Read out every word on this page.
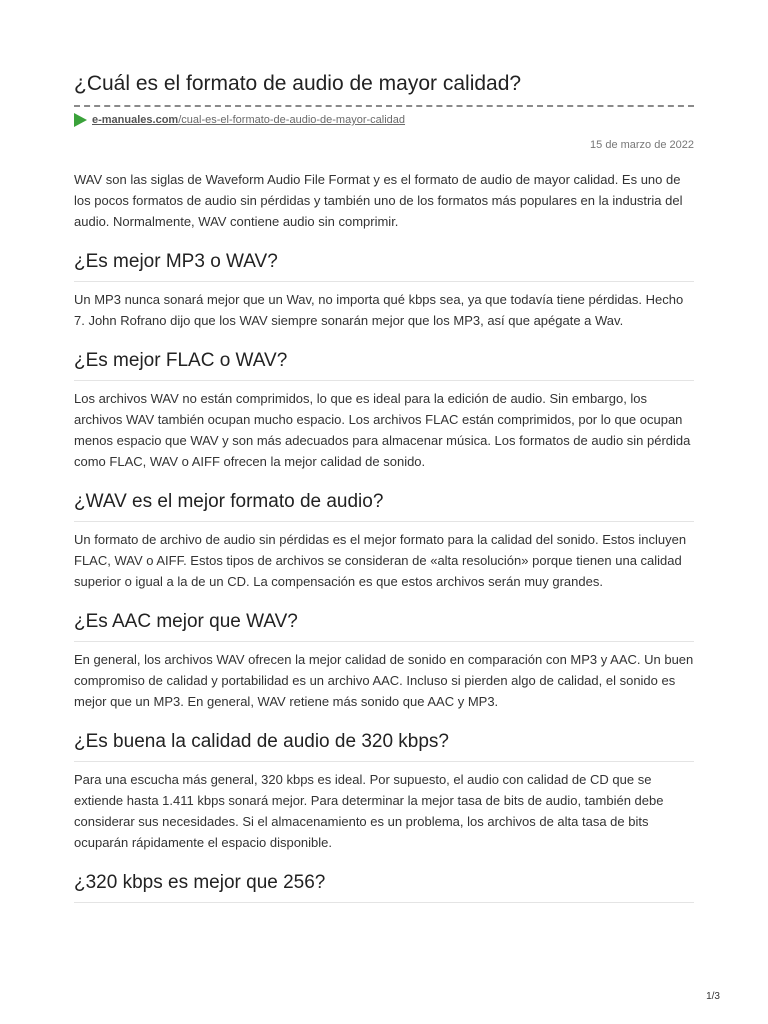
¿Cuál es el formato de audio de mayor calidad?
e-manuales.com /cual-es-el-formato-de-audio-de-mayor-calidad
15 de marzo de 2022

WAV son las siglas de Waveform Audio File Format y es el formato de audio de mayor calidad. Es uno de los pocos formatos de audio sin pérdidas y también uno de los formatos más populares en la industria del audio. Normalmente, WAV contiene audio sin comprimir.

¿Es mejor MP3 o WAV?

Un MP3 nunca sonará mejor que un Wav, no importa qué kbps sea, ya que todavía tiene pérdidas. Hecho 7. John Rofrano dijo que los WAV siempre sonarán mejor que los MP3, así que apégate a Wav.

¿Es mejor FLAC o WAV?

Los archivos WAV no están comprimidos, lo que es ideal para la edición de audio. Sin embargo, los archivos WAV también ocupan mucho espacio. Los archivos FLAC están comprimidos, por lo que ocupan menos espacio que WAV y son más adecuados para almacenar música. Los formatos de audio sin pérdida como FLAC, WAV o AIFF ofrecen la mejor calidad de sonido.

¿WAV es el mejor formato de audio?

Un formato de archivo de audio sin pérdidas es el mejor formato para la calidad del sonido. Estos incluyen FLAC, WAV o AIFF. Estos tipos de archivos se consideran de «alta resolución» porque tienen una calidad superior o igual a la de un CD. La compensación es que estos archivos serán muy grandes.

¿Es AAC mejor que WAV?

En general, los archivos WAV ofrecen la mejor calidad de sonido en comparación con MP3 y AAC. Un buen compromiso de calidad y portabilidad es un archivo AAC. Incluso si pierden algo de calidad, el sonido es mejor que un MP3. En general, WAV retiene más sonido que AAC y MP3.

¿Es buena la calidad de audio de 320 kbps?

Para una escucha más general, 320 kbps es ideal. Por supuesto, el audio con calidad de CD que se extiende hasta 1.411 kbps sonará mejor. Para determinar la mejor tasa de bits de audio, también debe considerar sus necesidades. Si el almacenamiento es un problema, los archivos de alta tasa de bits ocuparán rápidamente el espacio disponible.

¿320 kbps es mejor que 256?
1/3
